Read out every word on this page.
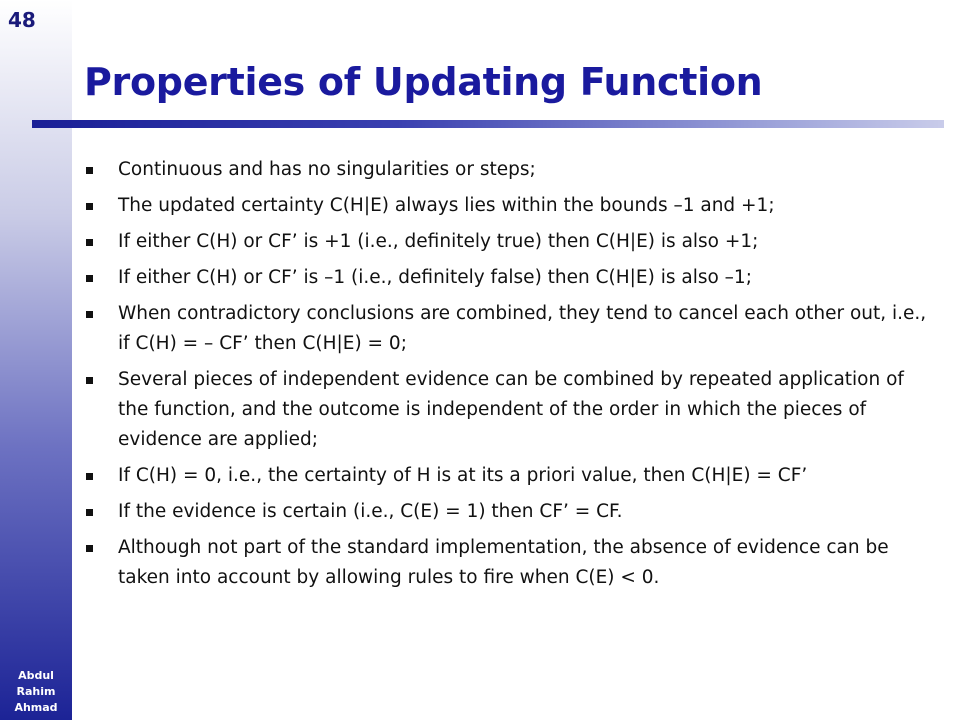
48
Abdul
Rahim
Ahmad
Properties of Updating Function
Continuous and has no singularities or steps;
The updated certainty C(H|E) always lies within the bounds –1 and +1;
If either C(H) or CF’ is +1 (i.e., definitely true) then C(H|E) is also +1;
If either C(H) or CF’ is –1 (i.e., definitely false) then C(H|E) is also –1;
When contradictory conclusions are combined, they tend to cancel each other out, i.e., if C(H) = – CF’ then C(H|E) = 0;
Several pieces of independent evidence can be combined by repeated application of the function, and the outcome is independent of the order in which the pieces of evidence are applied;
If C(H) = 0, i.e., the certainty of H is at its a priori value, then C(H|E) = CF’
If the evidence is certain (i.e., C(E) = 1) then CF’ = CF.
Although not part of the standard implementation, the absence of evidence can be taken into account by allowing rules to fire when C(E) < 0.
